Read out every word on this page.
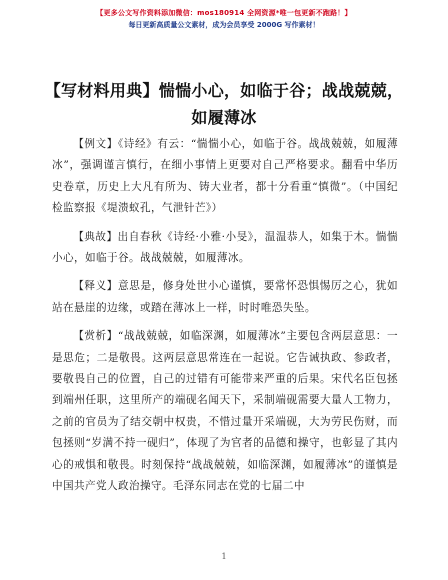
【更多公文写作资料添加微信：mos180914 全网资源*唯一包更新不跑路！】
每日更新高质量公文素材，成为会员享受 2000G 写作素材！
【写材料用典】惴惴小心，如临于谷；战战兢兢，如履薄冰

【例文】《诗经》有云：“惴惴小心，如临于谷。战战兢兢，如履薄冰”，强调谨言慎行，在细小事情上更要对自己严格要求。翻看中华历史卷章，历史上大凡有所为、铸大业者，都十分看重“慎微”。（中国纪检监察报《堤溃蚁孔，气泄针芒》）

【典故】出自春秋《诗经·小雅·小旻》，温温恭人，如集于木。惴惴小心，如临于谷。战战兢兢，如履薄冰。

【释义】意思是，修身处世小心谨慎，要常怀恐惧惕厉之心，犹如站在悬崖的边缘，或踏在薄冰上一样，时时唯恐失坠。

【赏析】“战战兢兢，如临深渊，如履薄冰”主要包含两层意思：一是思危；二是敬畏。这两层意思常连在一起说。它告诫执政、参政者，要敬畏自己的位置，自己的过错有可能带来严重的后果。宋代名臣包拯到端州任职，这里所产的端砚名闻天下，采制端砚需要大量人工物力，之前的官员为了结交朝中权贵，不惜过量开采端砚，大为劳民伤财，而包拯则“岁满不持一砚归”，体现了为官者的品德和操守，也彰显了其内心的戒惧和敬畏。时刻保持“战战兢兢，如临深渊，如履薄冰”的谨慎是中国共产党人政治操守。毛泽东同志在党的七届二中

1
